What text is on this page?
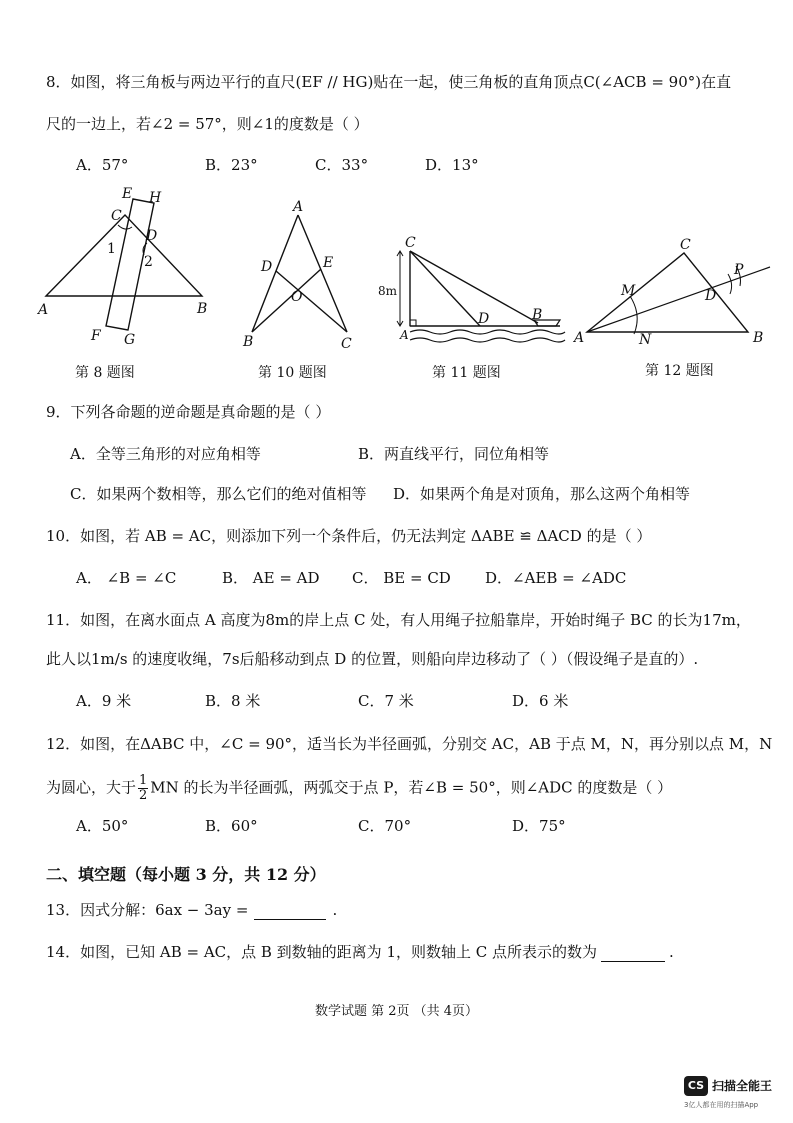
8．如图，将三角板与两边平行的直尺(EF // HG)贴在一起，使三角板的直角顶点C(∠ACB = 90°)在直
尺的一边上，若∠2 = 57°，则∠1的度数是（ ）
A．57°	B．23°	C．33°	D．13°
E H
C
D
1
2
A	B
F G
第 8 题图
A
D	E
O
B	C
第 10 题图
C
8m
A
D	B
第 11 题图
C
M
P
D
A	N	B
第 12 题图
9．下列各命题的逆命题是真命题的是（ ）
A．全等三角形的对应角相等	B．两直线平行，同位角相等
C．如果两个数相等，那么它们的绝对值相等 D．如果两个角是对顶角，那么这两个角相等
10．如图，若 AB = AC，则添加下列一个条件后，仍无法判定 ΔABE ≌ ΔACD 的是（ ）
A． ∠B = ∠C	B． AE = AD C． BE = CD D．∠AEB = ∠ADC
11．如图，在离水面点 A 高度为8m的岸上点 C 处，有人用绳子拉船靠岸，开始时绳子 BC 的长为17m，
此人以1m/s 的速度收绳，7s后船移动到点 D 的位置，则船向岸边移动了（ ）（假设绳子是直的）.
A．9 米	B．8 米	C．7 米	D．6 米
12．如图，在ΔABC 中，∠C = 90°，适当长为半径画弧，分别交 AC，AB 于点 M，N，再分别以点 M，N
为圆心，大于 $\frac{1}{2}$ MN 的长为半径画弧，两弧交于点 P，若∠B = 50°，则∠ADC 的度数是（ ）
A．50°	B．60°	C．70°	D．75°
二、填空题（每小题 3 分，共 12 分）
13．因式分解：6ax − 3ay =	.
14．如图，已知 AB = AC，点 B 到数轴的距离为 1，则数轴上 C 点所表示的数为	.
数学试题 第 2页 （共 4页）
CS 扫描全能王
3亿人都在用的扫描App
